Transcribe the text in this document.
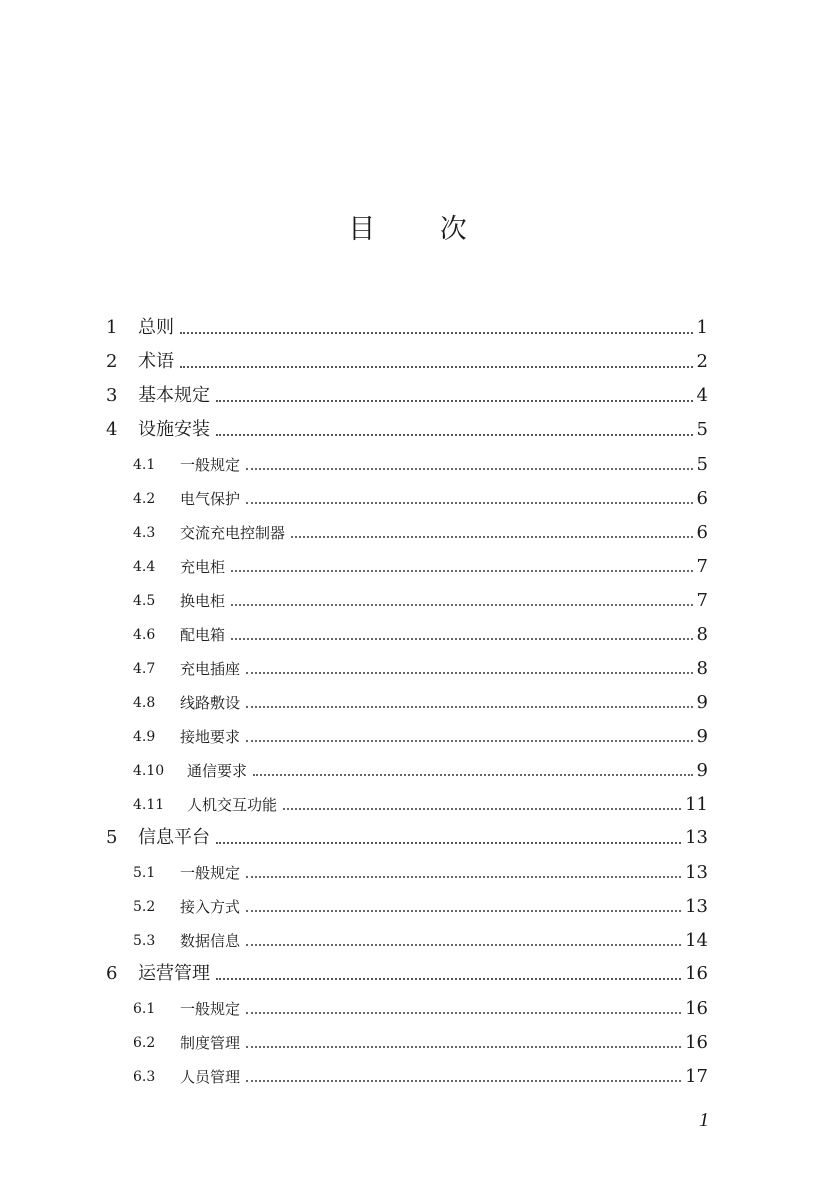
目 次
1	总则	1
2	术语	2
3	基本规定	4
4	设施安装	5
4.1	一般规定	5
4.2	电气保护	6
4.3	交流充电控制器	6
4.4	充电柜	7
4.5	换电柜	7
4.6	配电箱	8
4.7	充电插座	8
4.8	线路敷设	9
4.9	接地要求	9
4.10	通信要求	9
4.11	人机交互功能	11
5	信息平台	13
5.1	一般规定	13
5.2	接入方式	13
5.3	数据信息	14
6	运营管理	16
6.1	一般规定	16
6.2	制度管理	16
6.3	人员管理	17
1
